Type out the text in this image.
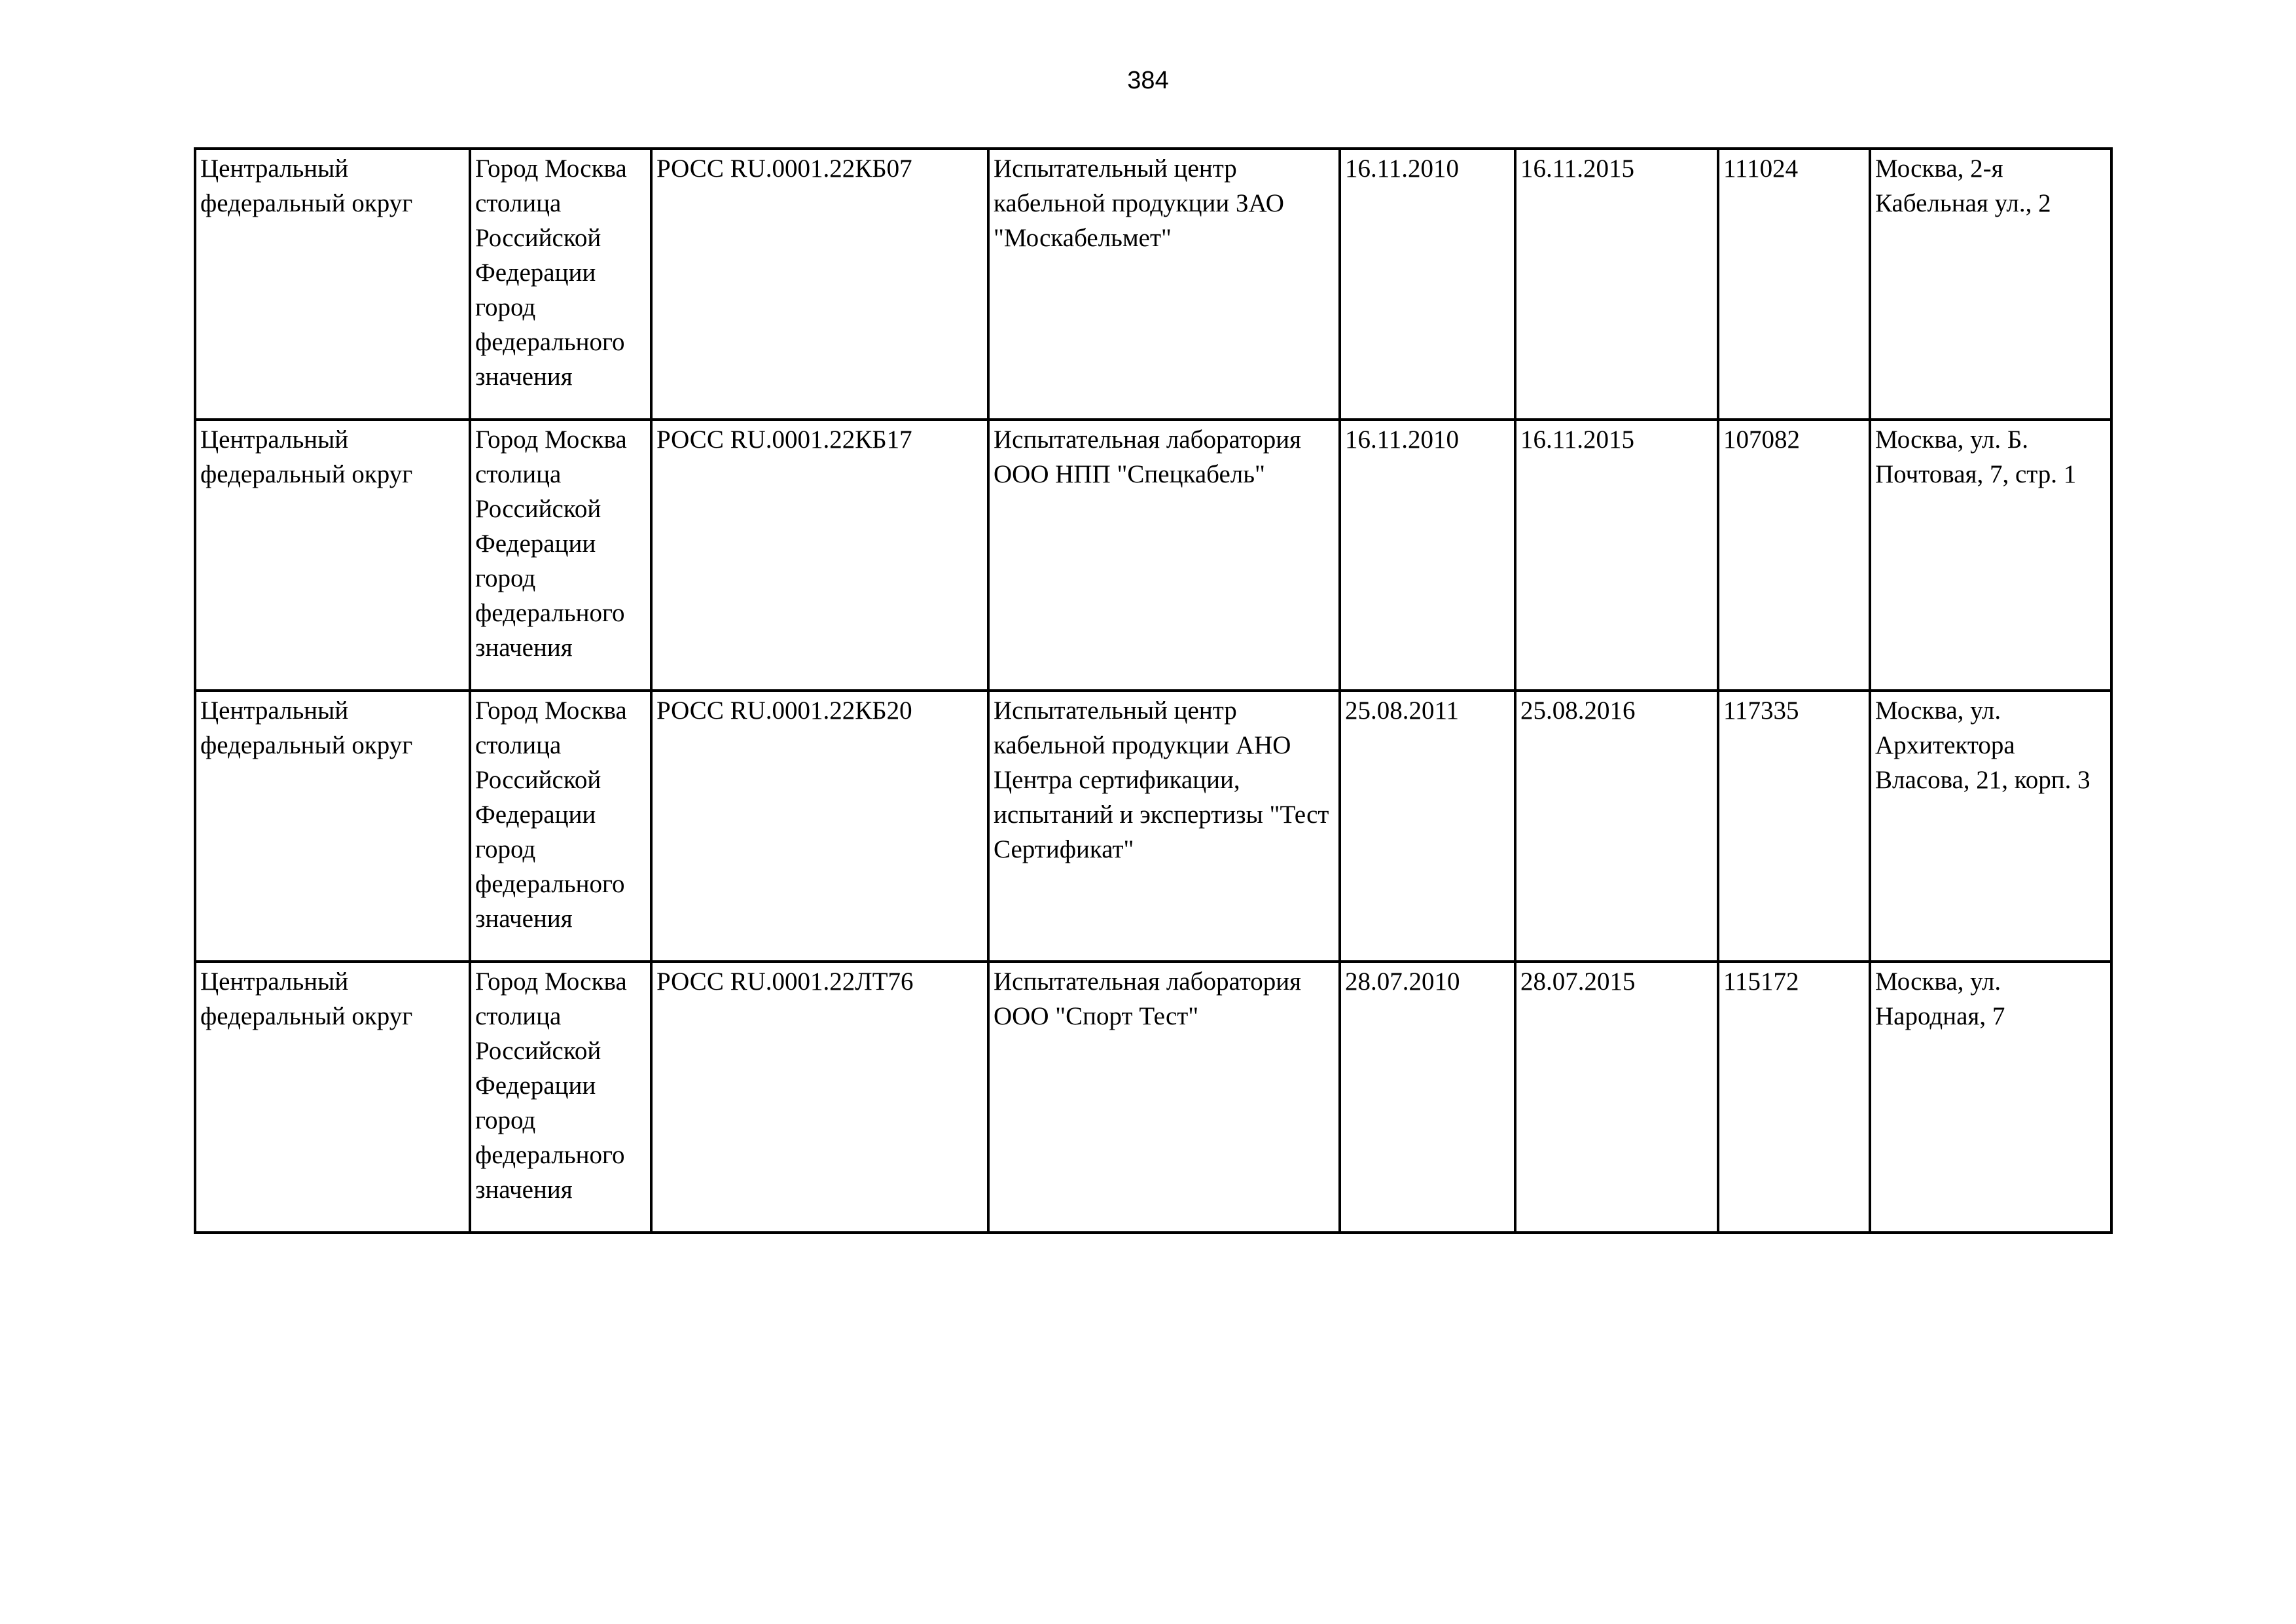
384
Центральный федеральный округ	Город Москва столица Российской Федерации город федерального значения	РОСС RU.0001.22КБ07	Испытательный центр кабельной продукции ЗАО "Москабельмет"	16.11.2010	16.11.2015	111024	Москва, 2-я Кабельная ул., 2

Центральный федеральный округ	Город Москва столица Российской Федерации город федерального значения	РОСС RU.0001.22КБ17	Испытательная лаборатория ООО НПП "Спецкабель"	16.11.2010	16.11.2015	107082	Москва, ул. Б. Почтовая, 7, стр. 1

Центральный федеральный округ	Город Москва столица Российской Федерации город федерального значения	РОСС RU.0001.22КБ20	Испытательный центр кабельной продукции АНО Центра сертификации, испытаний и экспертизы "Тест Сертификат"	25.08.2011	25.08.2016	117335	Москва, ул. Архитектора Власова, 21, корп. 3

Центральный федеральный округ	Город Москва столица Российской Федерации город федерального значения	РОСС RU.0001.22ЛТ76	Испытательная лаборатория ООО "Спорт Тест"	28.07.2010	28.07.2015	115172	Москва, ул. Народная, 7
